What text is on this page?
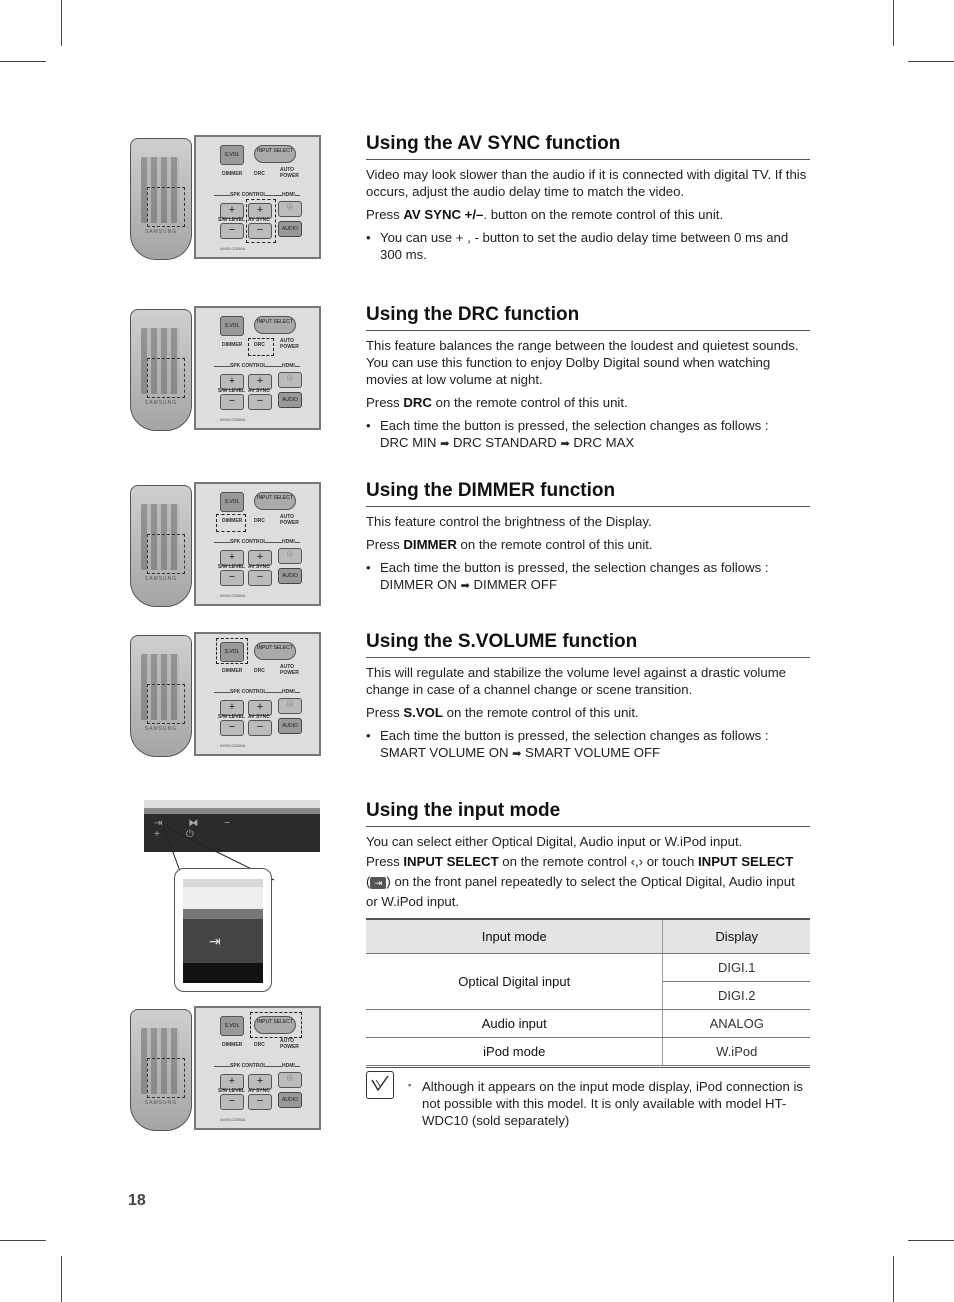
SAMSUNG
S.VOL
INPUT SELECT
DIMMER DRC
AUTO POWER
SPK CONTROL	HDMI
+	+
S/W LEVEL AV SYNC
−	−
ⓘ
AUDIO
AH59-02538A
SAMSUNG
S.VOL
INPUT SELECT
DIMMER DRC
AUTO POWER
SPK CONTROL	HDMI
+	+
S/W LEVEL AV SYNC
−	−
ⓘ
AUDIO
AH59-02538A
SAMSUNG
S.VOL
INPUT SELECT
DIMMER DRC
AUTO POWER
SPK CONTROL	HDMI
+	+
S/W LEVEL AV SYNC
−	−
ⓘ
AUDIO
AH59-02538A
SAMSUNG
S.VOL
INPUT SELECT
DIMMER DRC
AUTO POWER
SPK CONTROL	HDMI
+	+
S/W LEVEL AV SYNC
−	−
ⓘ
AUDIO
AH59-02538A
⇥⧓−+⏻
⇥
SAMSUNG
S.VOL
INPUT SELECT
DIMMER DRC
AUTO POWER
SPK CONTROL	HDMI
+	+
S/W LEVEL AV SYNC
−	−
ⓘ
AUDIO
AH59-02538A
Using the AV SYNC function

Video may look slower than the audio if it is connected with digital TV. If this occurs, adjust the audio delay time to match the video.

Press AV SYNC +/–. button on the remote control of this unit.

• You can use + , - button to set the audio delay time between 0 ms and 300 ms.
Using the DRC function

This feature balances the range between the loudest and quietest sounds. You can use this function to enjoy Dolby Digital sound when watching movies at low volume at night.

Press DRC on the remote control of this unit.

• Each time the button is pressed, the selection changes as follows :
DRC MIN ➡ DRC STANDARD ➡ DRC MAX
Using the DIMMER function

This feature control the brightness of the Display.

Press DIMMER on the remote control of this unit.

• Each time the button is pressed, the selection changes as follows :
DIMMER ON ➡ DIMMER OFF
Using the S.VOLUME function

This will regulate and stabilize the volume level against a drastic volume change in case of a channel change or scene transition.

Press S.VOL on the remote control of this unit.

• Each time the button is pressed, the selection changes as follows :
SMART VOLUME ON ➡ SMART VOLUME OFF
Using the input mode

You can select either Optical Digital, Audio input or W.iPod input.

Press INPUT SELECT on the remote control ‹,› or touch INPUT SELECT
( ⇥ ) on the front panel repeatedly to select the Optical Digital, Audio input or W.iPod input.

Input mode	Display
Optical Digital input	DIGI.1
	DIGI.2
Audio input	ANALOG
iPod mode	W.iPod
▪ Although it appears on the input mode display, iPod connection is not possible with this model. It is only available with model HT-WDC10 (sold separately)
18
